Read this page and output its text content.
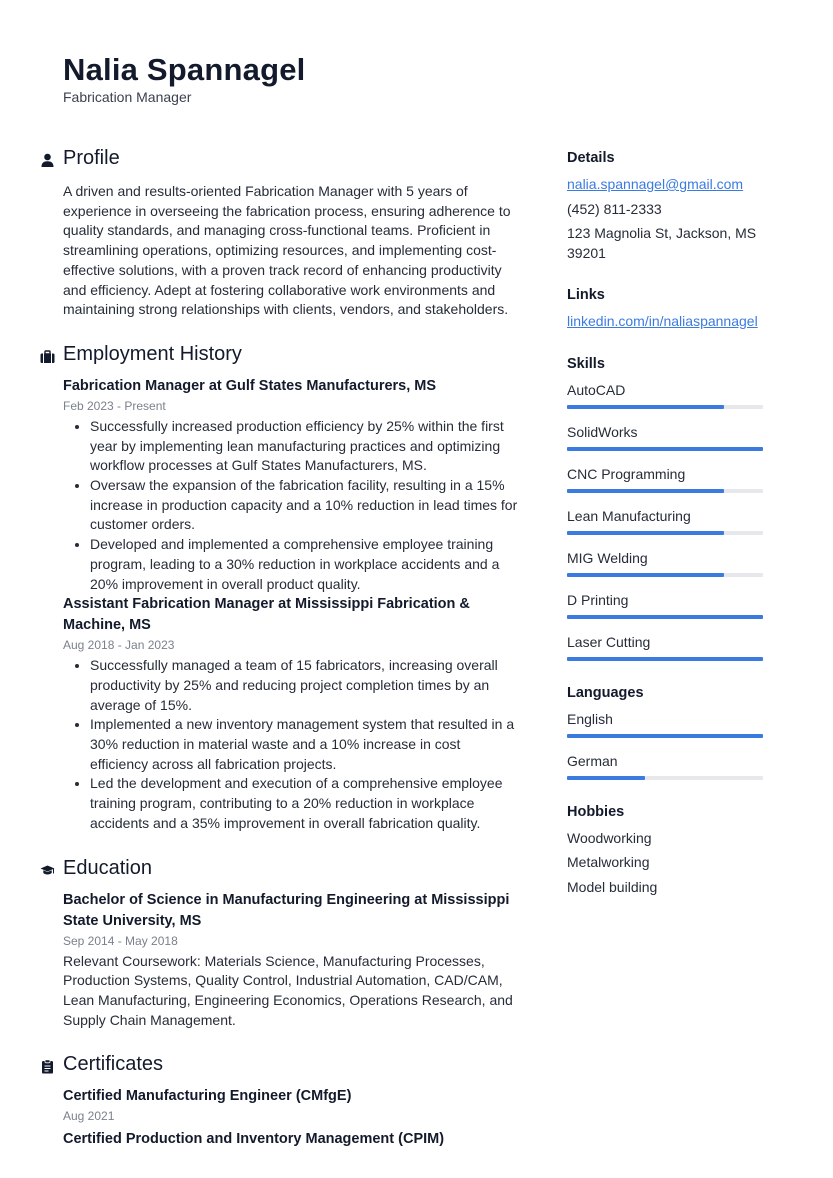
Nalia Spannagel
Fabrication Manager
Profile

A driven and results-oriented Fabrication Manager with 5 years of experience in overseeing the fabrication process, ensuring adherence to quality standards, and managing cross-functional teams. Proficient in streamlining operations, optimizing resources, and implementing cost-effective solutions, with a proven track record of enhancing productivity and efficiency. Adept at fostering collaborative work environments and maintaining strong relationships with clients, vendors, and stakeholders.

Employment History
Fabrication Manager at Gulf States Manufacturers, MS
Feb 2023 - Present
• Successfully increased production efficiency by 25% within the first year by implementing lean manufacturing practices and optimizing workflow processes at Gulf States Manufacturers, MS.
• Oversaw the expansion of the fabrication facility, resulting in a 15% increase in production capacity and a 10% reduction in lead times for customer orders.
• Developed and implemented a comprehensive employee training program, leading to a 30% reduction in workplace accidents and a 20% improvement in overall product quality.
Assistant Fabrication Manager at Mississippi Fabrication & Machine, MS
Aug 2018 - Jan 2023
• Successfully managed a team of 15 fabricators, increasing overall productivity by 25% and reducing project completion times by an average of 15%.
• Implemented a new inventory management system that resulted in a 30% reduction in material waste and a 10% increase in cost efficiency across all fabrication projects.
• Led the development and execution of a comprehensive employee training program, contributing to a 20% reduction in workplace accidents and a 35% improvement in overall fabrication quality.
Education
Bachelor of Science in Manufacturing Engineering at Mississippi State University, MS
Sep 2014 - May 2018

Relevant Coursework: Materials Science, Manufacturing Processes, Production Systems, Quality Control, Industrial Automation, CAD/CAM, Lean Manufacturing, Engineering Economics, Operations Research, and Supply Chain Management.

Certificates
Certified Manufacturing Engineer (CMfgE)
Aug 2021
Certified Production and Inventory Management (CPIM)
Details
nalia.spannagel@gmail.com
(452) 811-2333
123 Magnolia St, Jackson, MS 39201
Links
linkedin.com/in/naliaspannagel
Skills
AutoCAD
SolidWorks
CNC Programming
Lean Manufacturing
MIG Welding
D Printing
Laser Cutting
Languages
English
German
Hobbies
Woodworking
Metalworking
Model building
